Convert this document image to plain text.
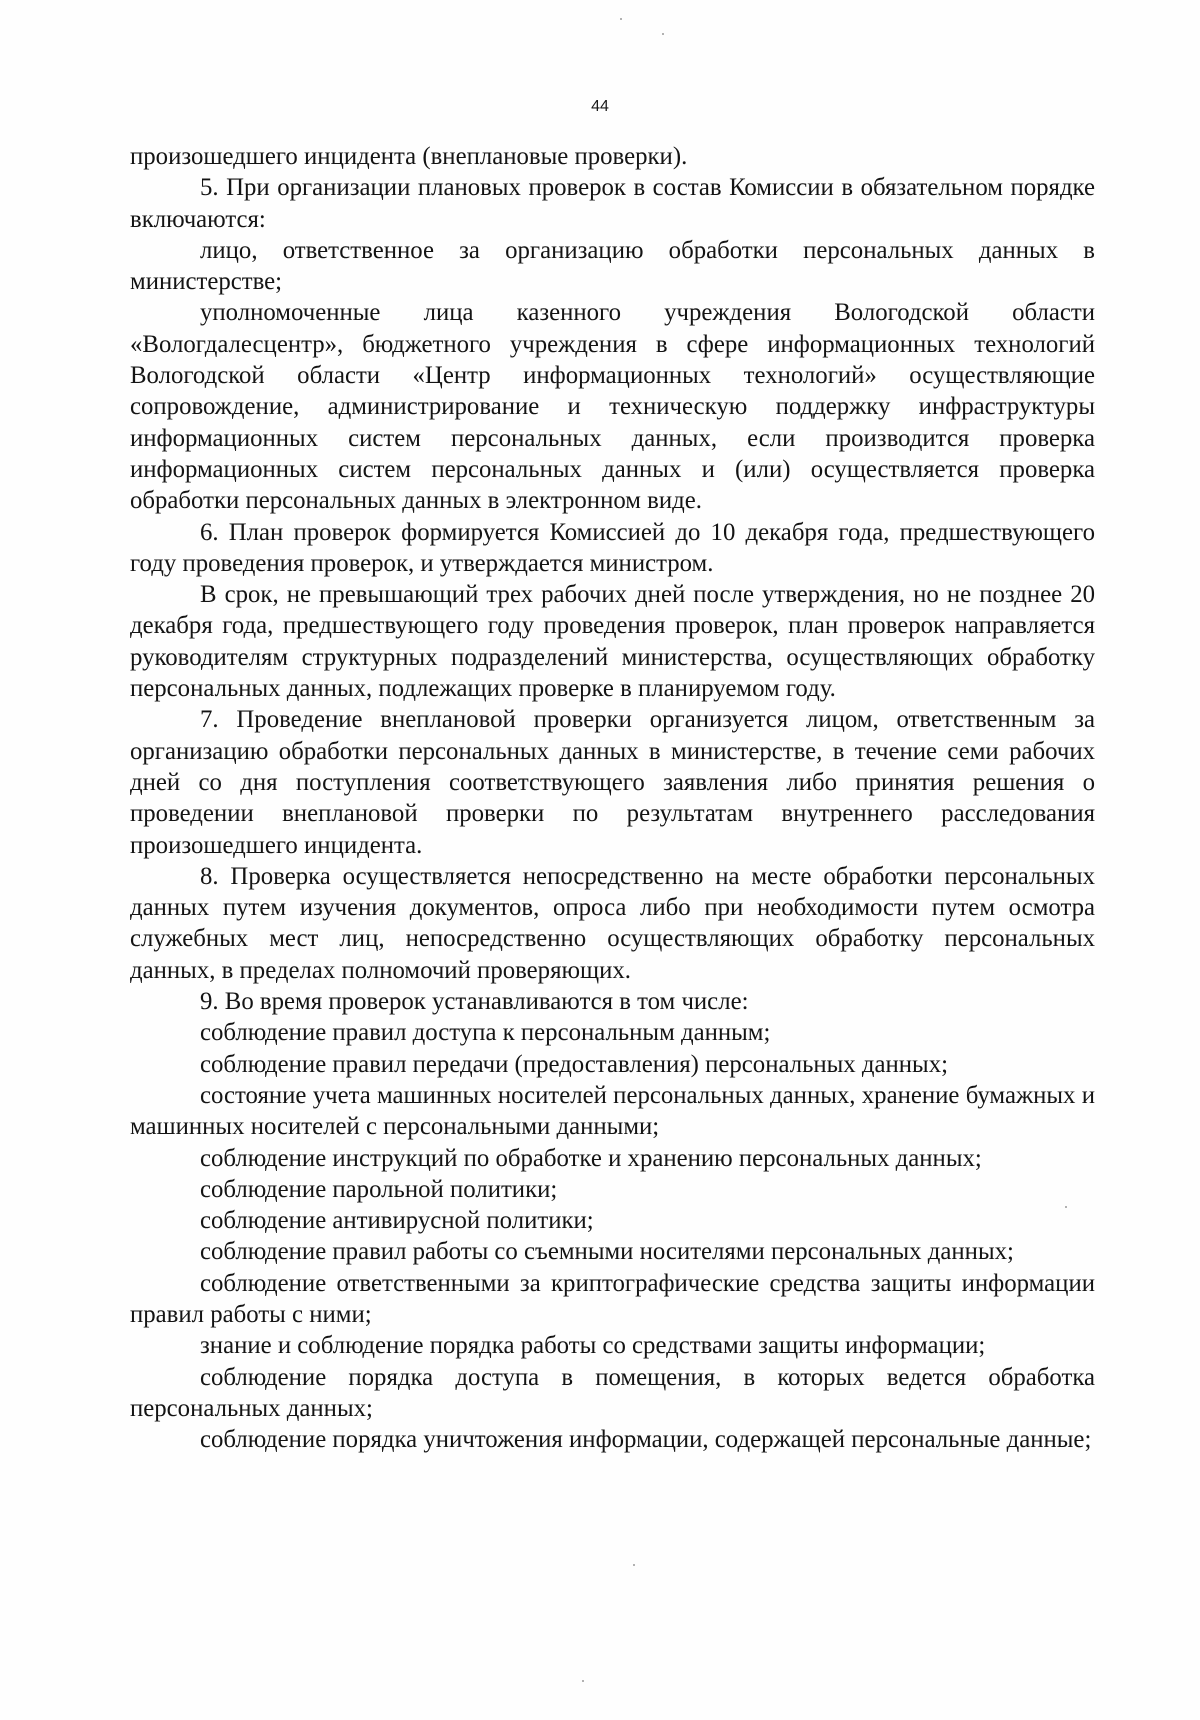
44

произошедшего инцидента (внеплановые проверки).

5. При организации плановых проверок в состав Комиссии в обязательном порядке включаются:

лицо, ответственное за организацию обработки персональных данных в министерстве;

уполномоченные лица казенного учреждения Вологодской области «Вологдалесцентр», бюджетного учреждения в сфере информационных технологий Вологодской области «Центр информационных технологий» осуществляющие сопровождение, администрирование и техническую поддержку инфраструктуры информационных систем персональных данных, если производится проверка информационных систем персональных данных и (или) осуществляется проверка обработки персональных данных в электронном виде.

6. План проверок формируется Комиссией до 10 декабря года, предшествующего году проведения проверок, и утверждается министром.

В срок, не превышающий трех рабочих дней после утверждения, но не позднее 20 декабря года, предшествующего году проведения проверок, план проверок направляется руководителям структурных подразделений министерства, осуществляющих обработку персональных данных, подлежащих проверке в планируемом году.

7. Проведение внеплановой проверки организуется лицом, ответственным за организацию обработки персональных данных в министерстве, в течение семи рабочих дней со дня поступления соответствующего заявления либо принятия решения о проведении внеплановой проверки по результатам внутреннего расследования произошедшего инцидента.

8. Проверка осуществляется непосредственно на месте обработки персональных данных путем изучения документов, опроса либо при необходимости путем осмотра служебных мест лиц, непосредственно осуществляющих обработку персональных данных, в пределах полномочий проверяющих.

9. Во время проверок устанавливаются в том числе:

соблюдение правил доступа к персональным данным;

соблюдение правил передачи (предоставления) персональных данных;

состояние учета машинных носителей персональных данных, хранение бумажных и машинных носителей с персональными данными;

соблюдение инструкций по обработке и хранению персональных данных;

соблюдение парольной политики;

соблюдение антивирусной политики;

соблюдение правил работы со съемными носителями персональных данных;

соблюдение ответственными за криптографические средства защиты информации правил работы с ними;

знание и соблюдение порядка работы со средствами защиты информации;

соблюдение порядка доступа в помещения, в которых ведется обработка персональных данных;

соблюдение порядка уничтожения информации, содержащей персональные данные;
